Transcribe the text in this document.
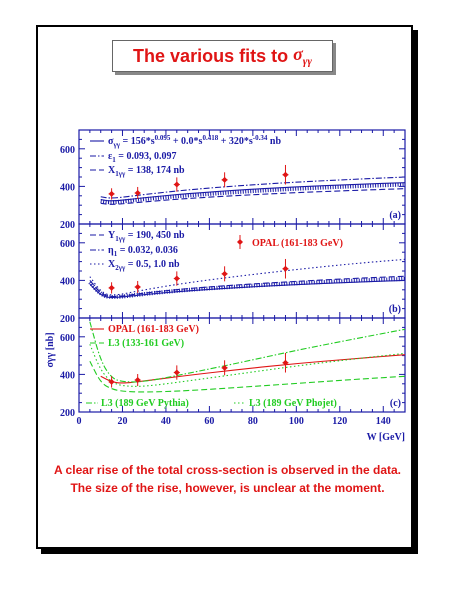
The various fits to $\sigma_{\gamma\gamma}$
200
400
600
(a)
$\sigma_{\gamma\gamma} = 156*s^{0.095} + 0.0*s^{0.418} + 320*s^{-0.34}$ nb
$\varepsilon_1 = 0.093$, 0.097
$X_{1\gamma\gamma} = 138$, 174 nb
200
400
600
(b)
$Y_{1\gamma\gamma} = 190$, 450 nb
$\eta_1 = 0.032$, 0.036
$X_{2\gamma\gamma} = 0.5$, 1.0 nb
OPAL (161-183 GeV)
200
400
600
(c)
OPAL (161-183 GeV)
L3 (133-161 GeV)
L3 (189 GeV Pythia)	L3 (189 GeV Phojet)
0	20	40	60	80	100	120	140
W [GeV]
σγγ [nb]
A clear rise of the total cross-section is observed in the data. The size of the rise, however, is unclear at the moment.
